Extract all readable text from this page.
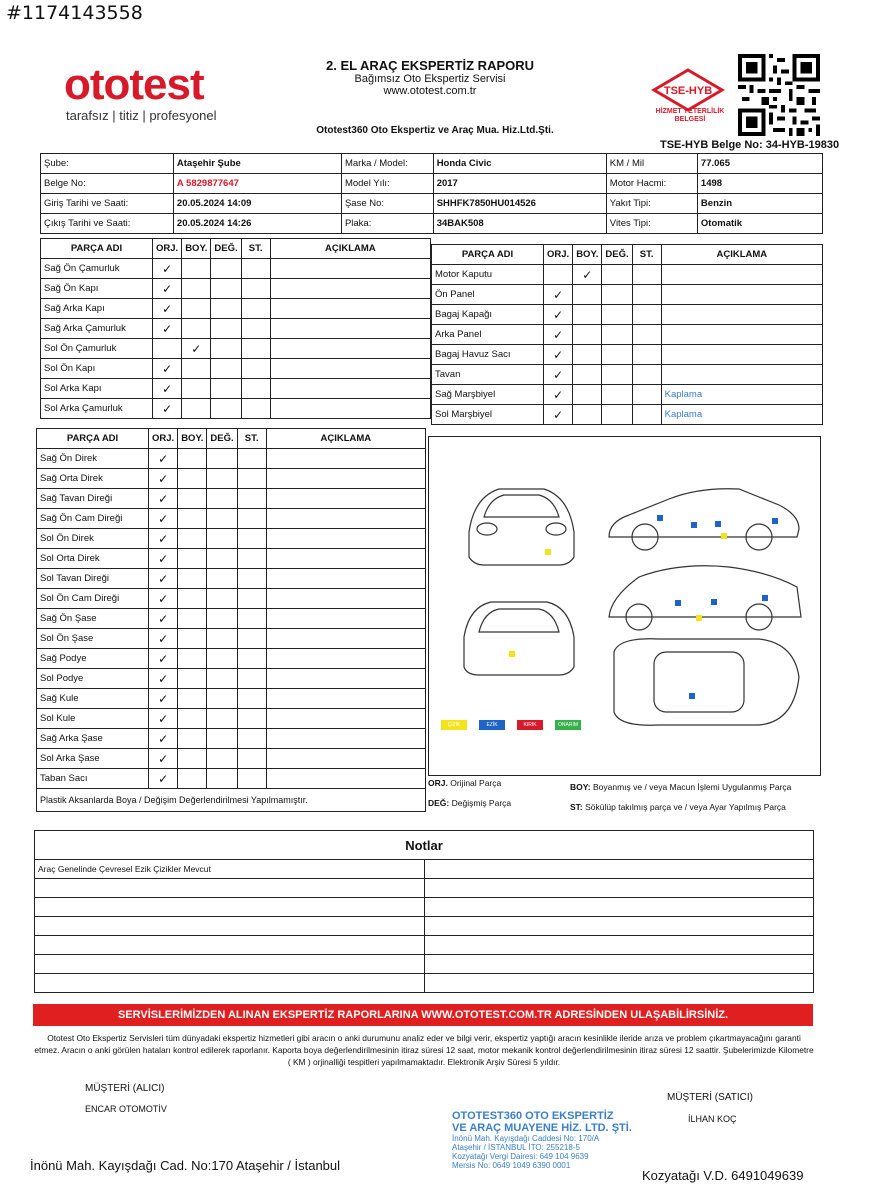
#1174143558
ototest
tarafsız | titiz | profesyonel
2. EL ARAÇ EKSPERTİZ RAPORU
Bağımsız Oto Ekspertiz Servisi
www.ototest.com.tr
Ototest360 Oto Ekspertiz ve Araç Mua. Hiz.Ltd.Şti.
TSE-HYB
HİZMET YETERLİLİK BELGESİ
TSE-HYB Belge No: 34-HYB-19830
Şube:	Ataşehir Şube	Marka / Model:	Honda Civic	KM / Mil	77.065
Belge No:	A 5829877647	Model Yılı:	2017	Motor Hacmi:	1498
Giriş Tarihi ve Saati:	20.05.2024 14:09	Şase No:	SHHFK7850HU014526	Yakıt Tipi:	Benzin
Çıkış Tarihi ve Saati:	20.05.2024 14:26	Plaka:	34BAK508	Vites Tipi:	Otomatik
PARÇA ADI	ORJ.	BOY.	DEĞ.	ST.	AÇIKLAMA
Sağ Ön Çamurluk	✓				
Sağ Ön Kapı	✓				
Sağ Arka Kapı	✓				
Sağ Arka Çamurluk	✓				
Sol Ön Çamurluk		✓			
Sol Ön Kapı	✓				
Sol Arka Kapı	✓				
Sol Arka Çamurluk	✓				
PARÇA ADI	ORJ.	BOY.	DEĞ.	ST.	AÇIKLAMA
Motor Kaputu		✓			
Ön Panel	✓				
Bagaj Kapağı	✓				
Arka Panel	✓				
Bagaj Havuz Sacı	✓				
Tavan	✓				
Sağ Marşbiyel	✓				Kaplama
Sol Marşbiyel	✓				Kaplama
PARÇA ADI	ORJ.	BOY.	DEĞ.	ST.	AÇIKLAMA
Sağ Ön Direk	✓				
Sağ Orta Direk	✓				
Sağ Tavan Direği	✓				
Sağ Ön Cam Direği	✓				
Sol Ön Direk	✓				
Sol Orta Direk	✓				
Sol Tavan Direği	✓				
Sol Ön Cam Direği	✓				
Sağ Ön Şase	✓				
Sol Ön Şase	✓				
Sağ Podye	✓				
Sol Podye	✓				
Sağ Kule	✓				
Sol Kule	✓				
Sağ Arka Şase	✓				
Sol Arka Şase	✓				
Taban Sacı	✓				
Plastik Aksanlarda Boya / Değişim Değerlendirilmesi Yapılmamıştır.					
ÇİZİK	EZİK	KIRIK	ONARIM
ORJ. Orijinal Parça	BOY: Boyanmış ve / veya Macun İşlemi Uygulanmış Parça
DEĞ: Değişmiş Parça	ST: Sökülüp takılmış parça ve / veya Ayar Yapılmış Parça
Notlar	
Araç Genelinde Çevresel Ezik Çizikler Mevcut	

SERVİSLERİMİZDEN ALINAN EKSPERTİZ RAPORLARINA WWW.OTOTEST.COM.TR ADRESİNDEN ULAŞABİLİRSİNİZ.
Ototest Oto Ekspertiz Servisleri tüm dünyadaki ekspertiz hizmetleri gibi aracın o anki durumunu analiz eder ve bilgi verir, ekspertiz yaptığı aracın kesinlikle ileride arıza ve problem çıkartmayacağını garanti etmez. Aracın o anki görülen hataları kontrol edilerek raporlanır. Kaporta boya değerlendirilmesinin itiraz süresi 12 saat, motor mekanik kontrol değerlendirilmesinin itiraz süresi 12 saattir. Şubelerimizde Kilometre ( KM ) orjinalliği tespitleri yapılmamaktadır. Elektronik Arşiv Süresi 5 yıldır.
MÜŞTERİ (ALICI)
ENCAR OTOMOTİV
MÜŞTERİ (SATICI)
İLHAN KOÇ
OTOTEST360 OTO EKSPERTİZ
VE ARAÇ MUAYENE HİZ. LTD. ŞTİ.
İnönü Mah. Kayışdağı Caddesi No: 170/A
Ataşehir / İSTANBUL İTO: 255218-5
Kozyatağı Vergi Dairesi: 649 104 9639
Mersis No: 0649 1049 6390 0001
İnönü Mah. Kayışdağı Cad. No:170 Ataşehir / İstanbul
Kozyatağı V.D. 6491049639
